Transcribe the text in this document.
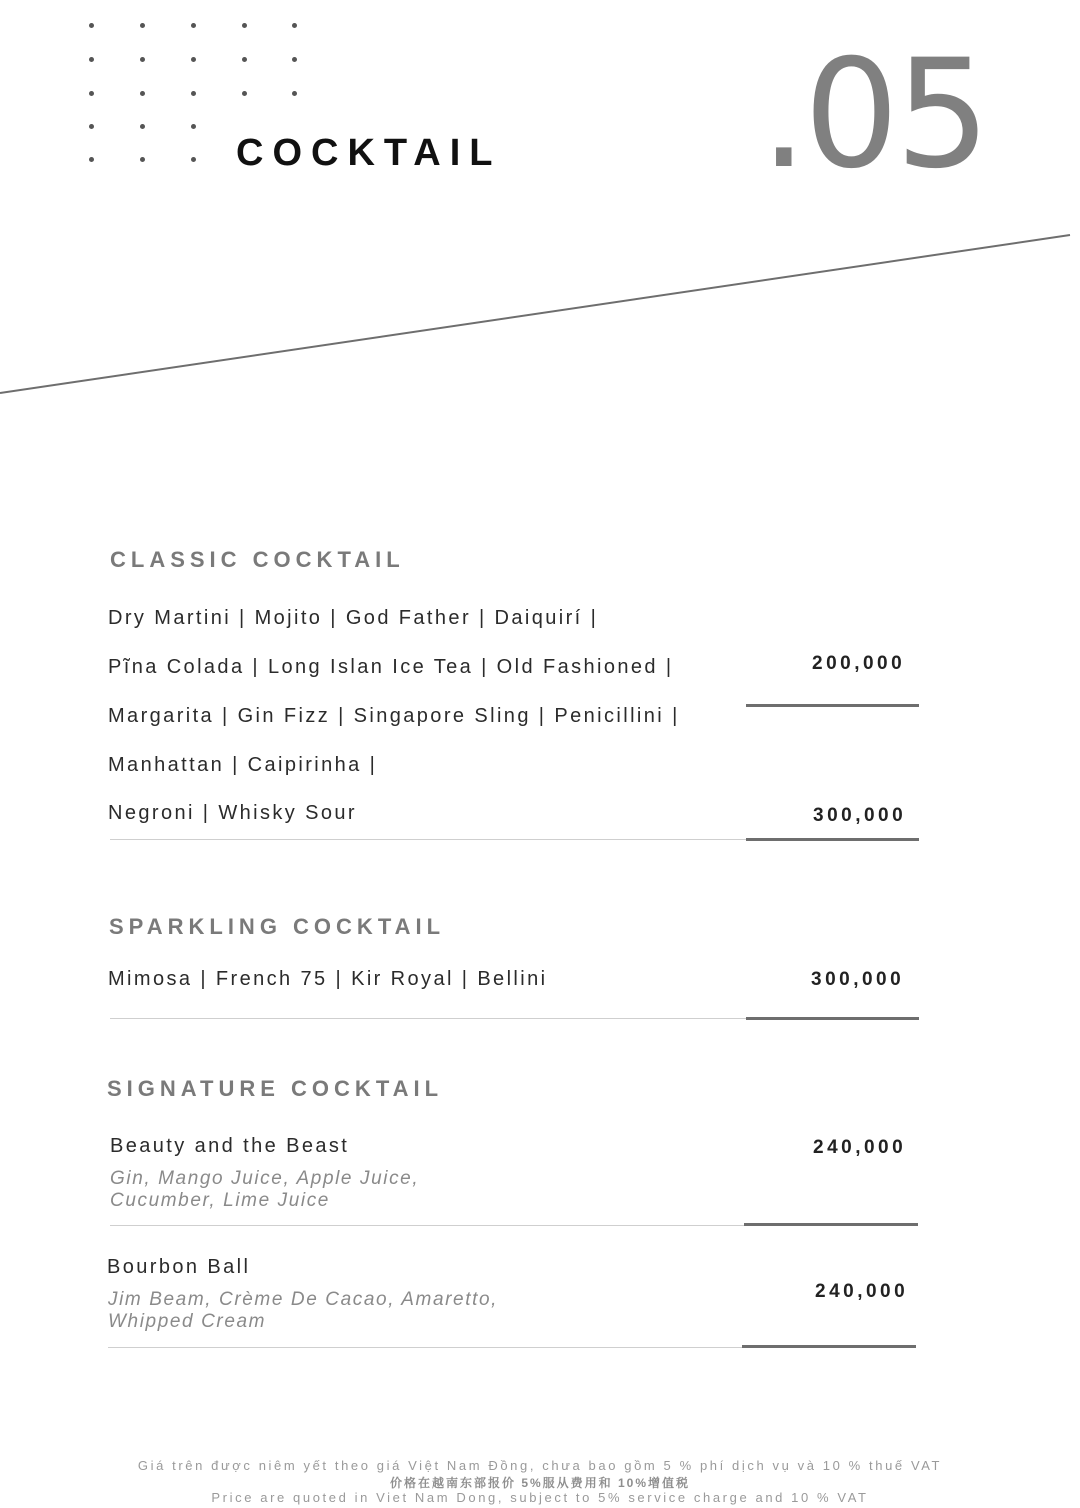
COCKTAIL .05
CLASSIC COCKTAIL
Dry Martini | Mojito | God Father | Daiquirí |
Pĩna Colada | Long Islan Ice Tea | Old Fashioned |
Margarita | Gin Fizz | Singapore Sling | Penicillini |
Manhattan | Caipirinha |
Negroni | Whisky Sour
200,000
300,000
SPARKLING COCKTAIL
Mimosa | French 75 | Kir Royal | Bellini	300,000
SIGNATURE COCKTAIL
Beauty and the Beast
Gin, Mango Juice, Apple Juice,
Cucumber, Lime Juice
240,000
Bourbon Ball
Jim Beam, Crème De Cacao, Amaretto,
Whipped Cream
240,000
Giá trên được niêm yết theo giá Việt Nam Đồng, chưa bao gồm 5 % phí dịch vụ và 10 % thuế VAT
价格在越南东部报价 5%服从费用和 10%增值税
Price are quoted in Viet Nam Dong, subject to 5% service charge and 10 % VAT
